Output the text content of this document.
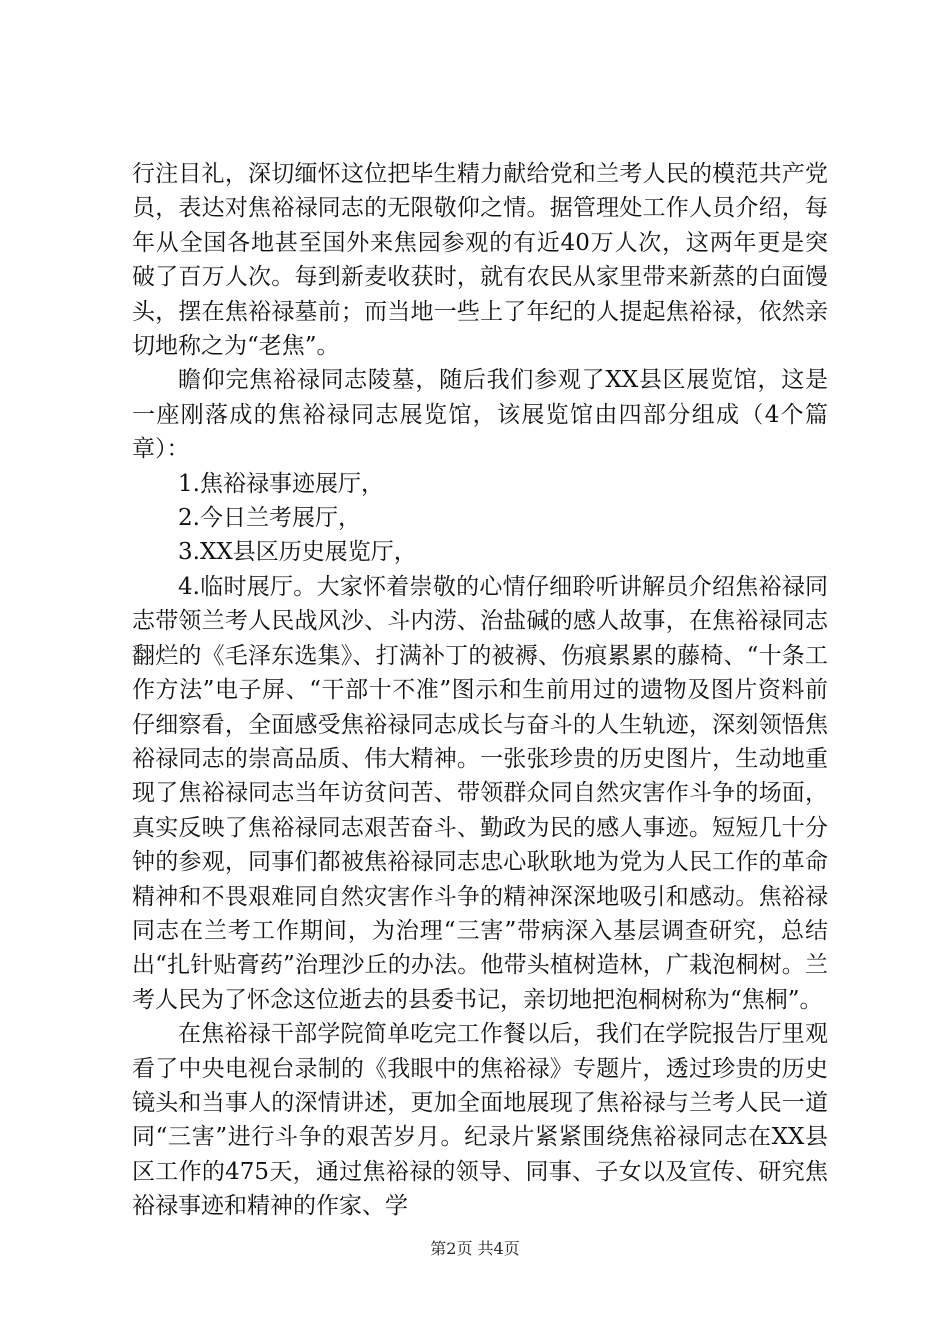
行注目礼，深切缅怀这位把毕生精力献给党和兰考人民的模范共产党员，表达对焦裕禄同志的无限敬仰之情。据管理处工作人员介绍，每年从全国各地甚至国外来焦园参观的有近40万人次，这两年更是突破了百万人次。每到新麦收获时，就有农民从家里带来新蒸的白面馒头，摆在焦裕禄墓前；而当地一些上了年纪的人提起焦裕禄，依然亲切地称之为“老焦”。

瞻仰完焦裕禄同志陵墓，随后我们参观了XX县区展览馆，这是一座刚落成的焦裕禄同志展览馆，该展览馆由四部分组成（4个篇章）：

1.焦裕禄事迹展厅，

2.今日兰考展厅，

3.XX县区历史展览厅，

4.临时展厅。大家怀着崇敬的心情仔细聆听讲解员介绍焦裕禄同志带领兰考人民战风沙、斗内涝、治盐碱的感人故事，在焦裕禄同志翻烂的《毛泽东选集》、打满补丁的被褥、伤痕累累的藤椅、“十条工作方法”电子屏、“干部十不准”图示和生前用过的遗物及图片资料前仔细察看，全面感受焦裕禄同志成长与奋斗的人生轨迹，深刻领悟焦裕禄同志的崇高品质、伟大精神。一张张珍贵的历史图片，生动地重现了焦裕禄同志当年访贫问苦、带领群众同自然灾害作斗争的场面，真实反映了焦裕禄同志艰苦奋斗、勤政为民的感人事迹。短短几十分钟的参观，同事们都被焦裕禄同志忠心耿耿地为党为人民工作的革命精神和不畏艰难同自然灾害作斗争的精神深深地吸引和感动。焦裕禄同志在兰考工作期间，为治理“三害”带病深入基层调查研究，总结出“扎针贴膏药”治理沙丘的办法。他带头植树造林，广栽泡桐树。兰考人民为了怀念这位逝去的县委书记，亲切地把泡桐树称为“焦桐”。

在焦裕禄干部学院简单吃完工作餐以后，我们在学院报告厅里观看了中央电视台录制的《我眼中的焦裕禄》专题片，透过珍贵的历史镜头和当事人的深情讲述，更加全面地展现了焦裕禄与兰考人民一道同“三害”进行斗争的艰苦岁月。纪录片紧紧围绕焦裕禄同志在XX县区工作的475天，通过焦裕禄的领导、同事、子女以及宣传、研究焦裕禄事迹和精神的作家、学

第2页 共4页
